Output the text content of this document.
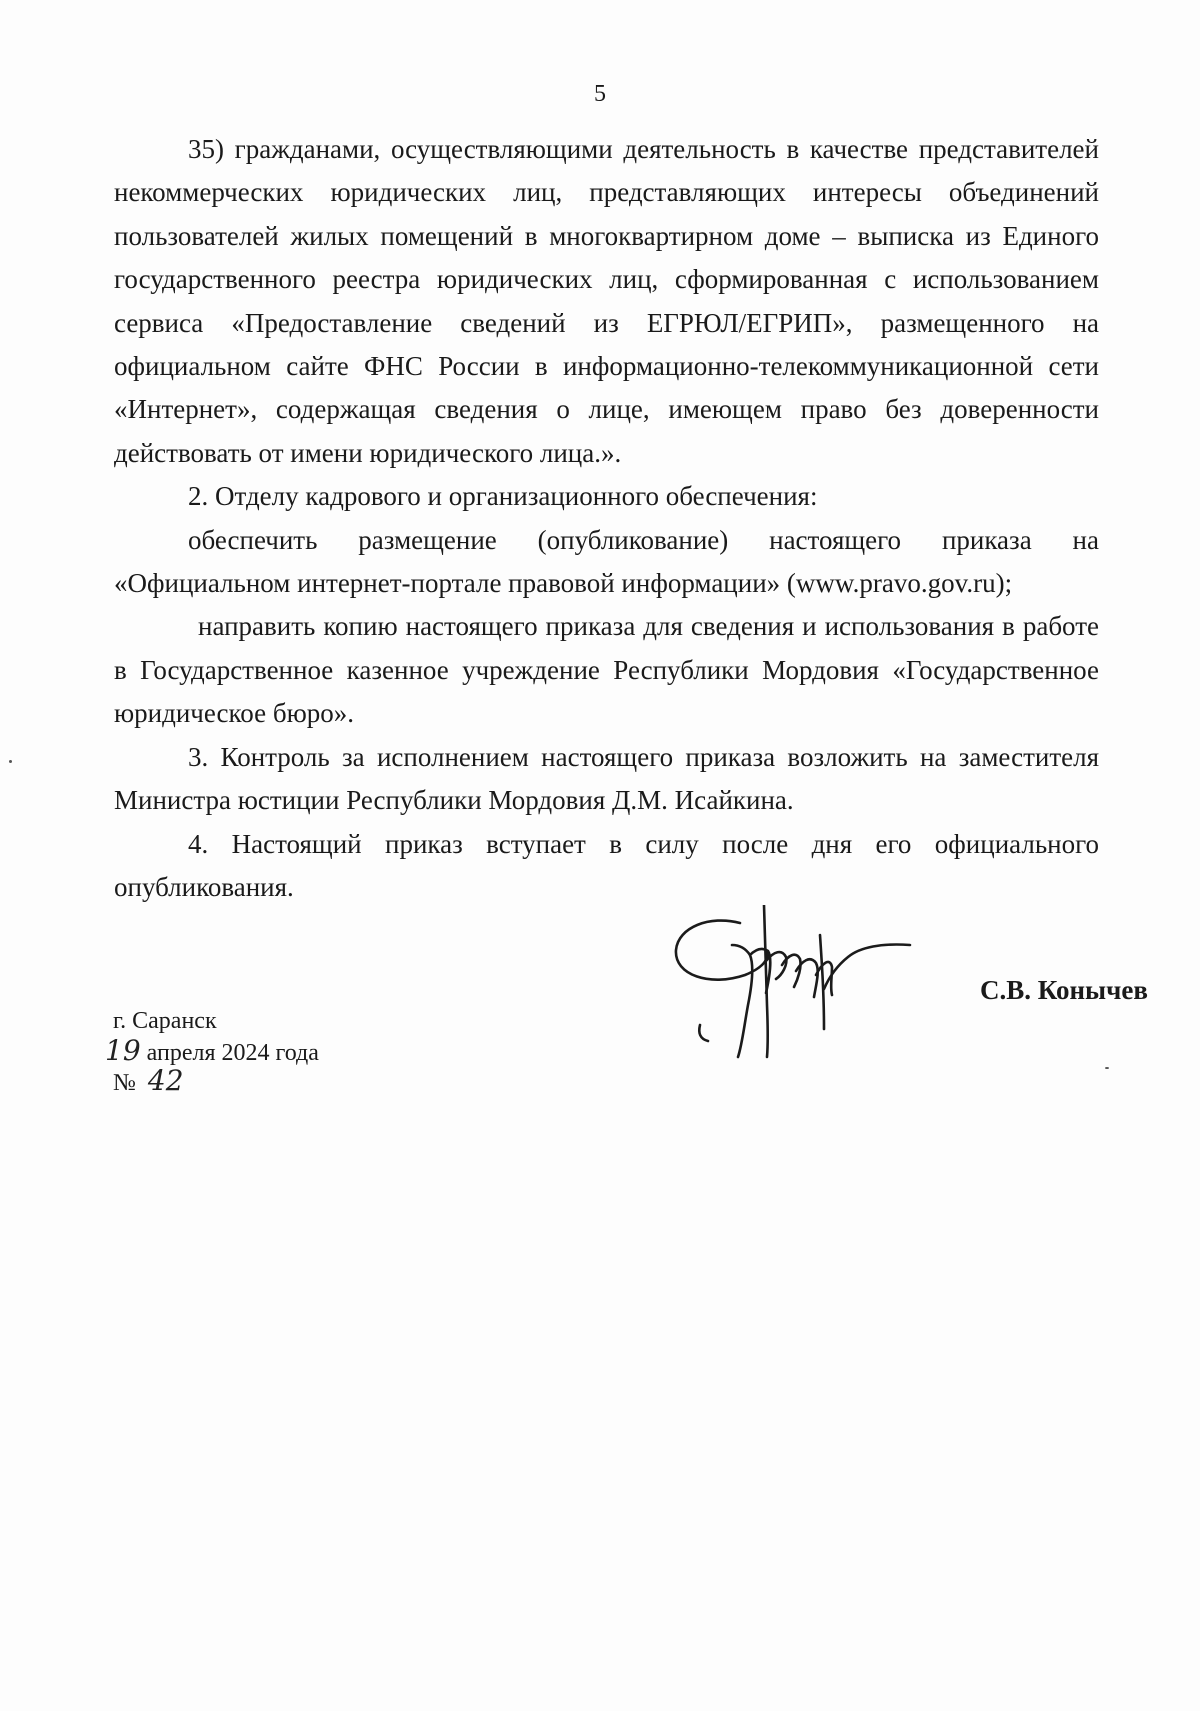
5

35) гражданами, осуществляющими деятельность в качестве представителей некоммерческих юридических лиц, представляющих интересы объединений пользователей жилых помещений в многоквартирном доме – выписка из Единого государственного реестра юридических лиц, сформированная с использованием сервиса «Предоставление сведений из ЕГРЮЛ/ЕГРИП», размещенного на официальном сайте ФНС России в информационно-телекоммуникационной сети «Интернет», содержащая сведения о лице, имеющем право без доверенности действовать от имени юридического лица.».

2. Отделу кадрового и организационного обеспечения:

обеспечить размещение (опубликование) настоящего приказа на «Официальном интернет-портале правовой информации» (www.pravo.gov.ru);

направить копию настоящего приказа для сведения и использования в работе в Государственное казенное учреждение Республики Мордовия «Государственное юридическое бюро».

3. Контроль за исполнением настоящего приказа возложить на заместителя Министра юстиции Республики Мордовия Д.М. Исайкина.

4. Настоящий приказ вступает в силу после дня его официального опубликования.

С.В. Конычев
г. Саранск
19 апреля 2024 года
№ 42
